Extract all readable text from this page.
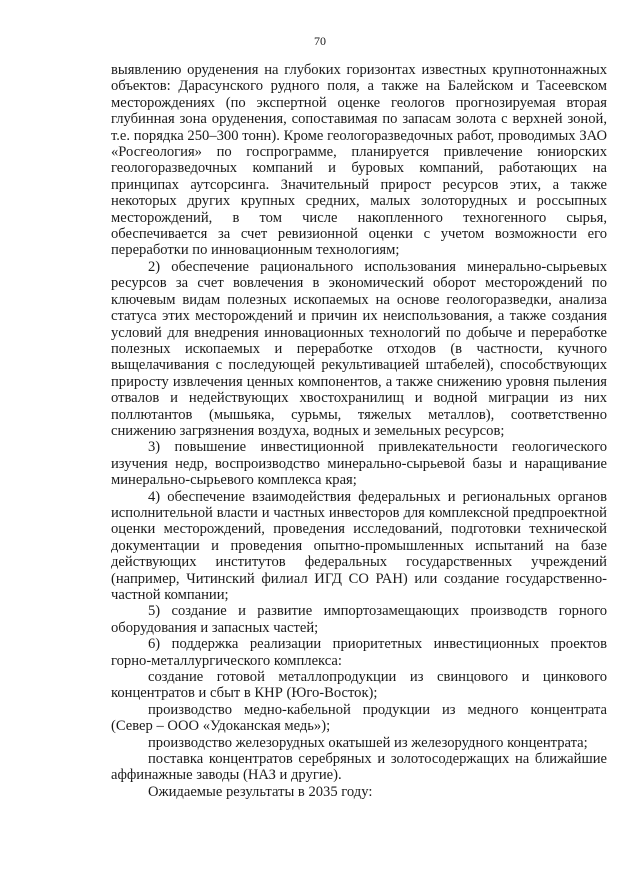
70

выявлению оруденения на глубоких горизонтах известных крупнотоннажных объектов: Дарасунского рудного поля, а также на Балейском и Тасеевском месторождениях (по экспертной оценке геологов прогнозируемая вторая глубинная зона оруденения, сопоставимая по запасам золота с верхней зоной, т.е. порядка 250–300 тонн). Кроме геологоразведочных работ, проводимых ЗАО «Росгеология» по госпрограмме, планируется привлечение юниорских геологоразведочных компаний и буровых компаний, работающих на принципах аутсорсинга. Значительный прирост ресурсов этих, а также некоторых других крупных средних, малых золоторудных и россыпных месторождений, в том числе накопленного техногенного сырья, обеспечивается за счет ревизионной оценки с учетом возможности его переработки по инновационным технологиям;

2) обеспечение рационального использования минерально-сырьевых ресурсов за счет вовлечения в экономический оборот месторождений по ключевым видам полезных ископаемых на основе геологоразведки, анализа статуса этих месторождений и причин их неиспользования, а также создания условий для внедрения инновационных технологий по добыче и переработке полезных ископаемых и переработке отходов (в частности, кучного выщелачивания с последующей рекультивацией штабелей), способствующих приросту извлечения ценных компонентов, а также снижению уровня пыления отвалов и недействующих хвостохранилищ и водной миграции из них поллютантов (мышьяка, сурьмы, тяжелых металлов), соответственно снижению загрязнения воздуха, водных и земельных ресурсов;

3) повышение инвестиционной привлекательности геологического изучения недр, воспроизводство минерально-сырьевой базы и наращивание минерально-сырьевого комплекса края;

4) обеспечение взаимодействия федеральных и региональных органов исполнительной власти и частных инвесторов для комплексной предпроектной оценки месторождений, проведения исследований, подготовки технической документации и проведения опытно-промышленных испытаний на базе действующих институтов федеральных государственных учреждений (например, Читинский филиал ИГД СО РАН) или создание государственно-частной компании;

5) создание и развитие импортозамещающих производств горного оборудования и запасных частей;

6) поддержка реализации приоритетных инвестиционных проектов горно-металлургического комплекса:

создание готовой металлопродукции из свинцового и цинкового концентратов и сбыт в КНР (Юго-Восток);

производство медно-кабельной продукции из медного концентрата (Север – ООО «Удоканская медь»);

производство железорудных окатышей из железорудного концентрата;

поставка концентратов серебряных и золотосодержащих на ближайшие аффинажные заводы (НАЗ и другие).

Ожидаемые результаты в 2035 году:
